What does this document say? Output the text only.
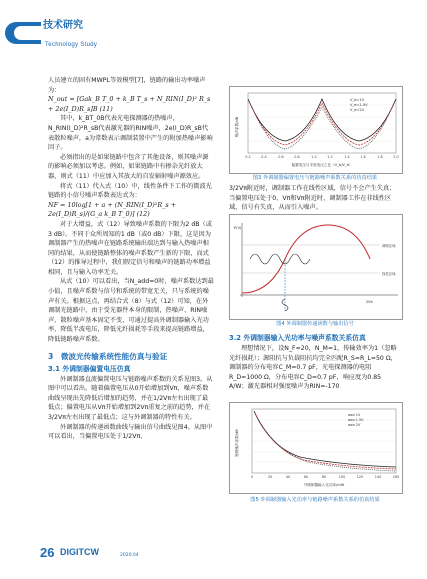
技术研究
Technology Study

人员建立的固有MWPL等效模型[7]，链路的输出功率噪声为：

N_out = [Gak_B T_0 + k_B T_s + N_RIN(I_D)² R_s + 2e(I_D)R_s]B (11)

其中，k_BT_0B代表光电探测器的热噪声，N_RIN(I_D)²R_sB代表激光器的RIN噪声，2e(I_D)R_sB代表散粒噪声，a为常数表示调制装置中产生的附加热噪声影响因子。

必须指出的是如果链路中包含了其他设备，则其噪声源的影响必须加以考虑。例如，如果链路中有掺杂光纤放大器，则式（11）中应加入其放大的自发辐射噪声源效应。

将式（11）代入式（10）中，线性条件下工作的微波光链路的小信号噪声系数表达式为：

NF = 10log[1 + a + (N_RIN(I_D)²R_s + 2e(I_D)R_s)/(G_a k_B T_0)] (12)

对于大增益，式（12）导致噪声系数的下限为2 dB（或3 dB）。不同于众所周知的1 dB（或0 dB）下限，这是因为调制器产生的热噪声在链路系统输出端达到与输入热噪声相同的结果，从而使链路整体的噪声系数产生新的下限，而式（12）的推导过程中，我们假定信号和噪声的链路功率增益相同，且与输入功率无关。

从式（10）可以看出，当N_add=0时，噪声系数达到最小值，且噪声系数与信号和系统的带宽无关，只与系统的噪声有关。根据这点，再结合式（8）与式（12）可知，在外调制光链路中，由于受光器件本身的限制，热噪声、RIN噪声、散粒噪声基本固定不变，可通过提高外调制器输入光功率，降低半波电压，降低光纤损耗等手段来提高链路增益，降低链路噪声系数。

3　微波光传输系统性能仿真与验证
3.1 外调制器偏置电压仿真

外调制器直流偏置电压与链路噪声系数的关系见图3。从图中可以看出，随着偏置电压从0开始增加到Vπ，噪声系数曲线呈现出先降低后增加的趋势，并在1/2Vπ左右出现了最低点；偏置电压从Vπ开始增加到2Vπ重复之前的趋势，并在3/2Vπ左右出现了最低点；这与外调制器的特性有关。

外调制器的传递函数曲线与输出信号曲线见图4。从图中可以看出，当偏置电压处于1/2Vπ、

V_π=1V
V_π=1.5V
V_π=2V
0.2	0.4	0.6	0.8	1.0	1.2	1.4	1.6	1.8	2.0
偏置电压与半波电压之比（V_b/V_π）
噪声系数/dB
图3 外调制器偏置电压与链路噪声系数关系的仿真结果

3/2Vπ附近时，调制器工作在线性区域，信号不会产生失真；当偏置电压处于0、Vπ和Vπ附近时，调制器工作在非线性区域，信号有失真，从而引入噪声。

P(V)
调制区域
线性区域
2Vπ
图4 外调制器传递函数与输出信号
3.2 外调制器输入光功率与噪声系数关系仿真

理想情况下，设N_F=20，N_M=1，传输效率为1（忽略光纤损耗）；源阻抗与负载阻抗均完全匹配R_S=R_L=50 Ω，调制器的分布电容C_M=0.7 pF，光电探测器的电阻R_D=1000 Ω，分布电容C_D=0.7 pF，响应度为0.85 A/W；激光器相对强度噪声为RIN=-170

ααα 1V
ααα 1.5V
ααα 2V
0	20	40	60	80	100	120	140	160
外调制器输入光功率/mW
链路噪声系数/dB
图5 外调制器输入光功率与链路噪声系数关系的仿真结果
26 DIGITCW	2020.04
